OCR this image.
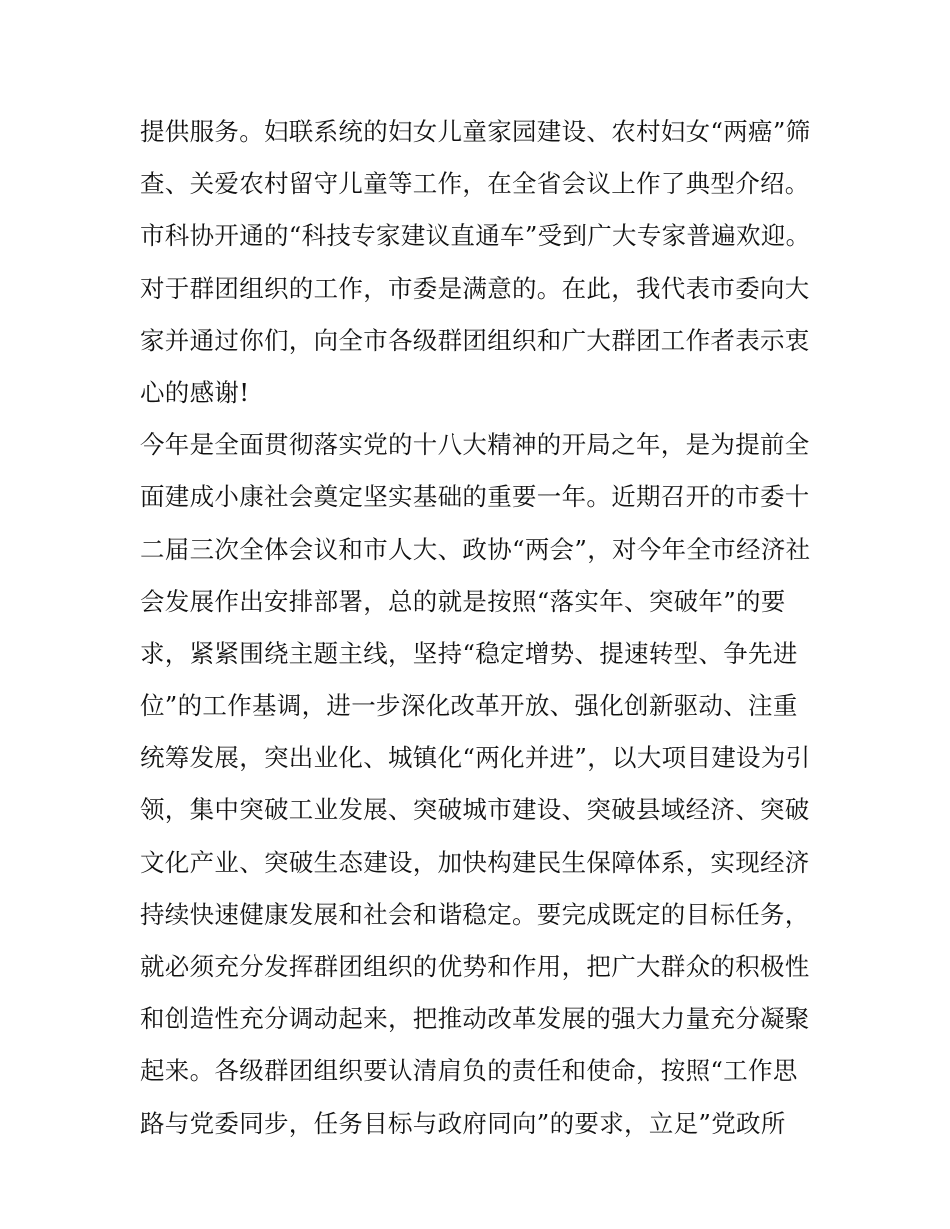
提供服务。妇联系统的妇女儿童家园建设、农村妇女“两癌”筛
查、关爱农村留守儿童等工作，在全省会议上作了典型介绍。
市科协开通的“科技专家建议直通车”受到广大专家普遍欢迎。
对于群团组织的工作，市委是满意的。在此，我代表市委向大
家并通过你们，向全市各级群团组织和广大群团工作者表示衷
心的感谢!
今年是全面贯彻落实党的十八大精神的开局之年，是为提前全
面建成小康社会奠定坚实基础的重要一年。近期召开的市委十
二届三次全体会议和市人大、政协“两会”，对今年全市经济社
会发展作出安排部署，总的就是按照“落实年、突破年”的要
求，紧紧围绕主题主线，坚持“稳定增势、提速转型、争先进
位”的工作基调，进一步深化改革开放、强化创新驱动、注重
统筹发展，突出业化、城镇化“两化并进”，以大项目建设为引
领，集中突破工业发展、突破城市建设、突破县域经济、突破
文化产业、突破生态建设，加快构建民生保障体系，实现经济
持续快速健康发展和社会和谐稳定。要完成既定的目标任务，
就必须充分发挥群团组织的优势和作用，把广大群众的积极性
和创造性充分调动起来，把推动改革发展的强大力量充分凝聚
起来。各级群团组织要认清肩负的责任和使命，按照“工作思
路与党委同步，任务目标与政府同向”的要求，立足”党政所
